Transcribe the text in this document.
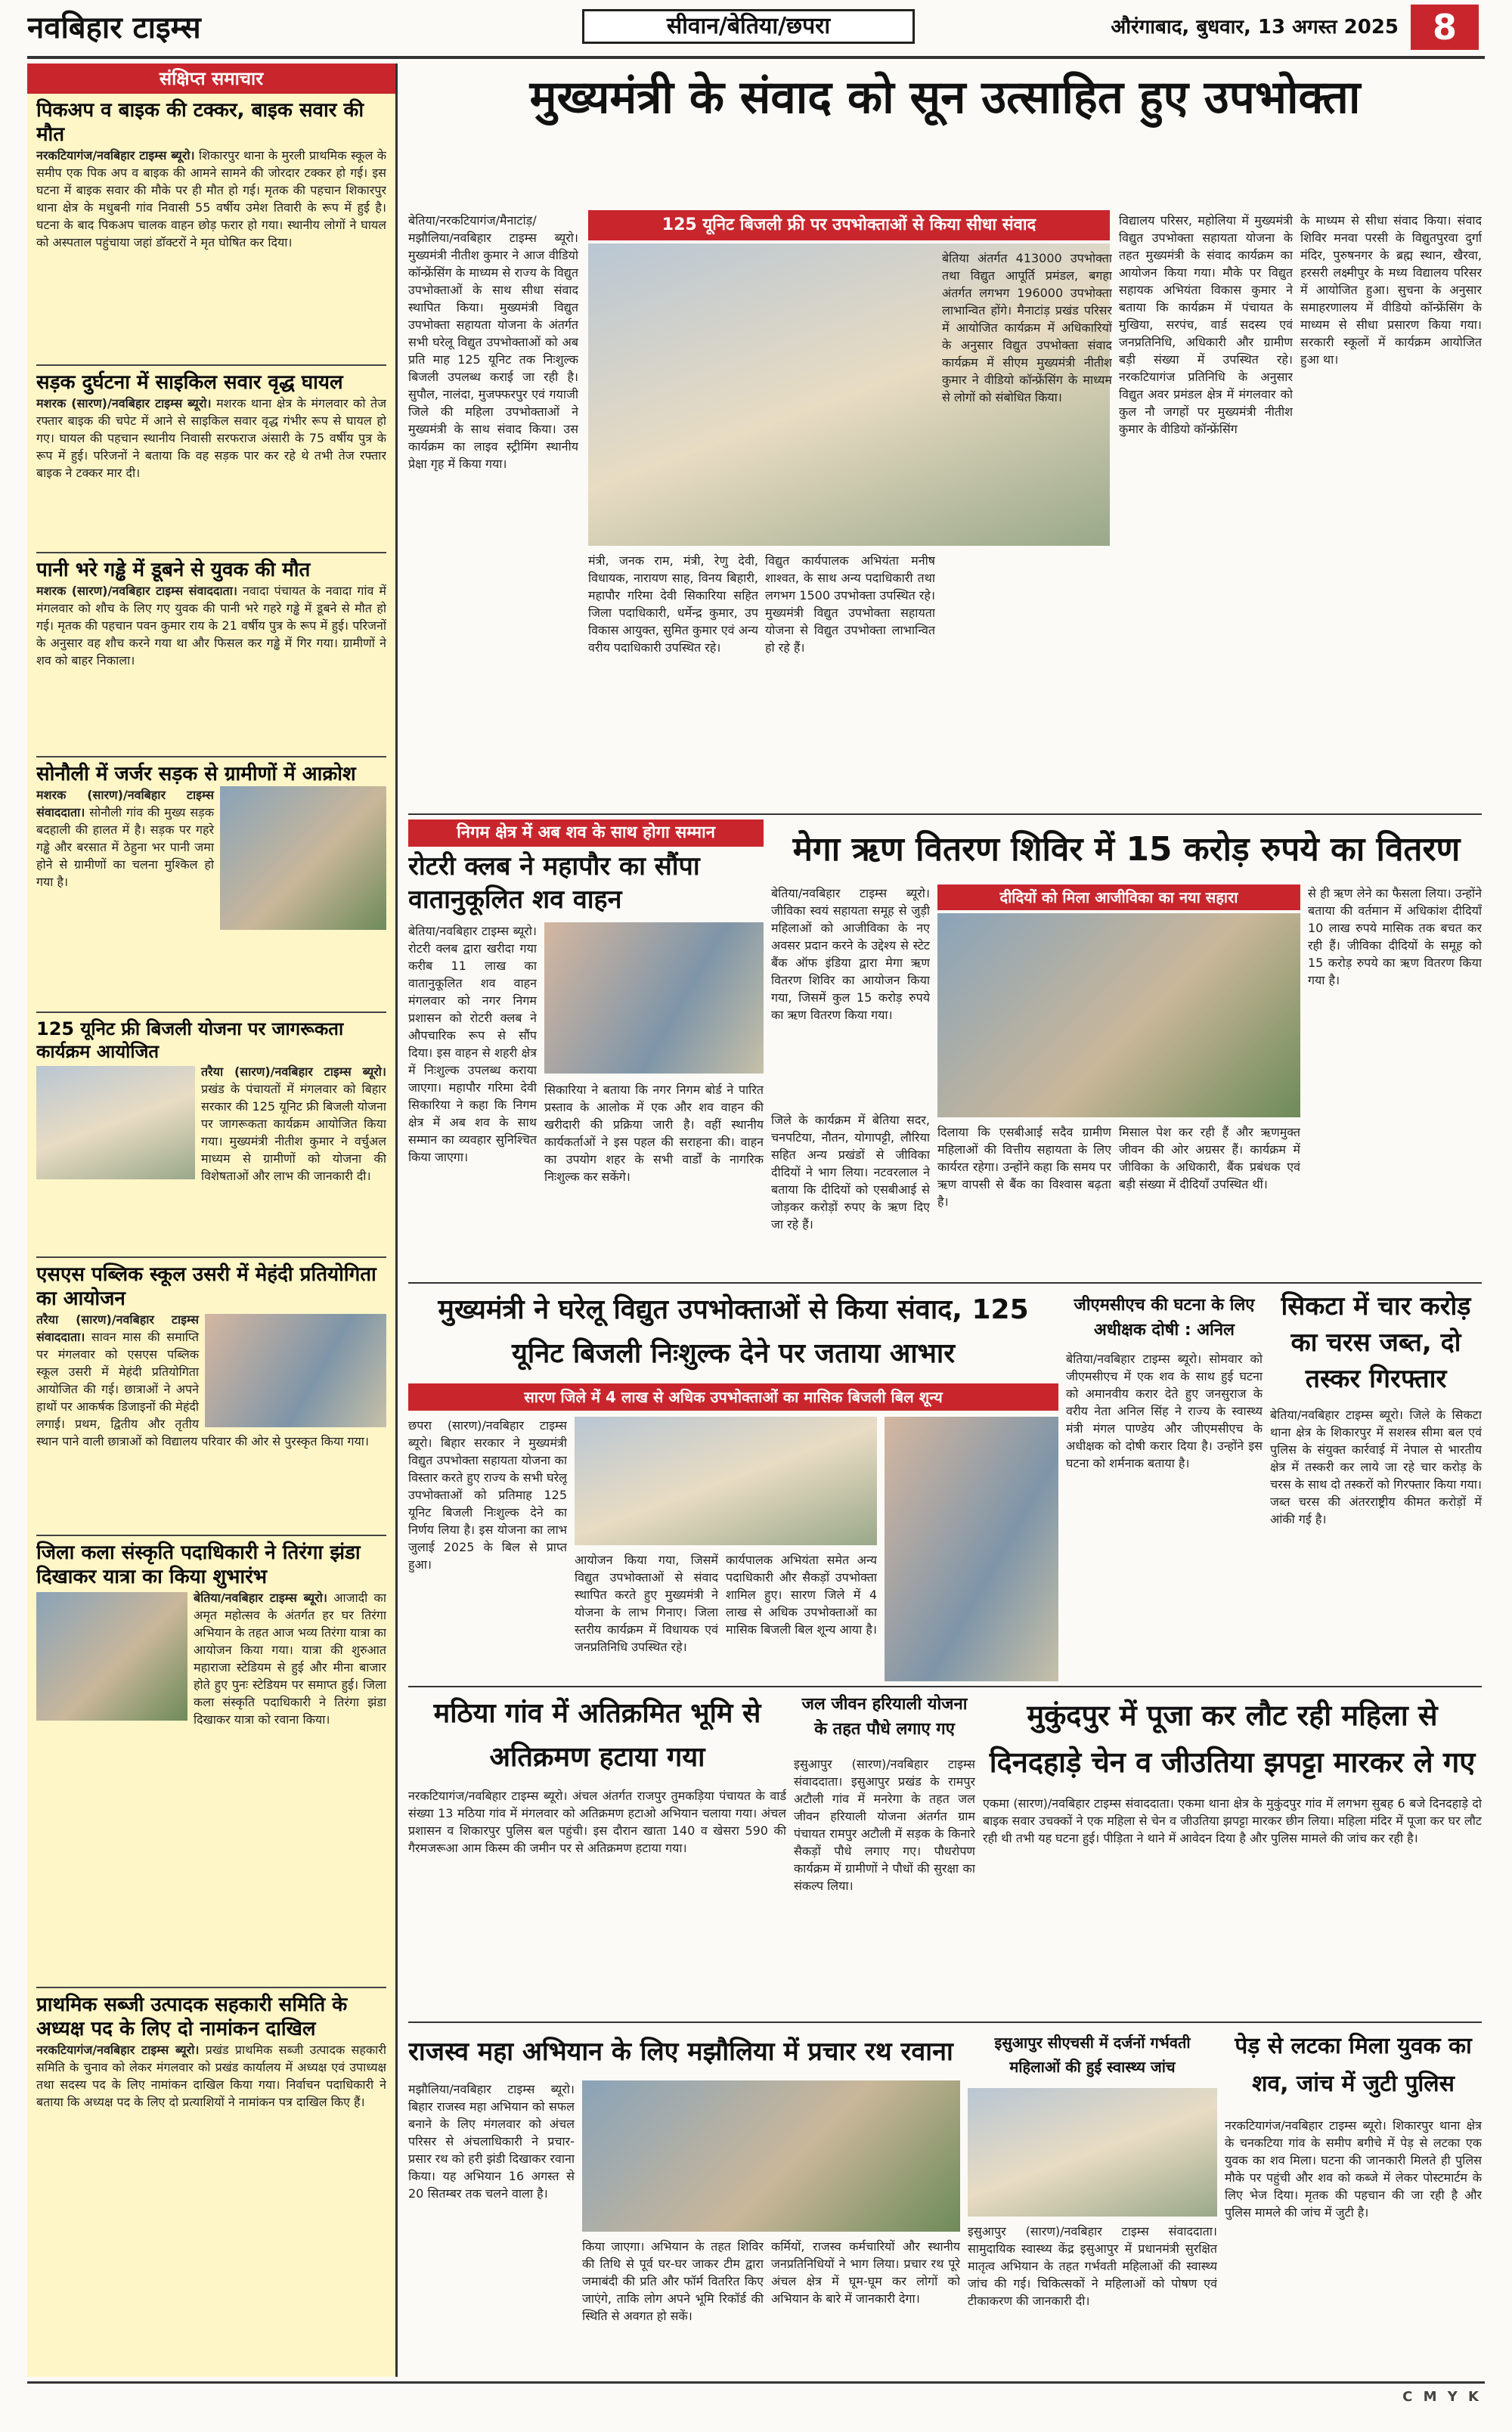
नवबिहार टाइम्स	सीवान/बेतिया/छपरा	औरंगाबाद, बुधवार, 13 अगस्त 2025 8
संक्षिप्त समाचार
पिकअप व बाइक की टक्कर, बाइक सवार की मौत
नरकटियागंज/नवबिहार टाइम्स ब्यूरो। शिकारपुर थाना के मुरली प्राथमिक स्कूल के समीप एक पिक अप व बाइक की आमने सामने की जोरदार टक्कर हो गई। इस घटना में बाइक सवार की मौके पर ही मौत हो गई। मृतक की पहचान शिकारपुर थाना क्षेत्र के मधुबनी गांव निवासी 55 वर्षीय उमेश तिवारी के रूप में हुई है। घटना के बाद पिकअप चालक वाहन छोड़ फरार हो गया। स्थानीय लोगों ने घायल को अस्पताल पहुंचाया जहां डॉक्टरों ने मृत घोषित कर दिया।
सड़क दुर्घटना में साइकिल सवार वृद्ध घायल
मशरक (सारण)/नवबिहार टाइम्स ब्यूरो। मशरक थाना क्षेत्र के मंगलवार को तेज रफ्तार बाइक की चपेट में आने से साइकिल सवार वृद्ध गंभीर रूप से घायल हो गए। घायल की पहचान स्थानीय निवासी सरफराज अंसारी के 75 वर्षीय पुत्र के रूप में हुई। परिजनों ने बताया कि वह सड़क पार कर रहे थे तभी तेज रफ्तार बाइक ने टक्कर मार दी।
पानी भरे गड्ढे में डूबने से युवक की मौत
मशरक (सारण)/नवबिहार टाइम्स संवाददाता। नवादा पंचायत के नवादा गांव में मंगलवार को शौच के लिए गए युवक की पानी भरे गहरे गड्ढे में डूबने से मौत हो गई। मृतक की पहचान पवन कुमार राय के 21 वर्षीय पुत्र के रूप में हुई। परिजनों के अनुसार वह शौच करने गया था और फिसल कर गड्ढे में गिर गया। ग्रामीणों ने शव को बाहर निकाला।
सोनौली में जर्जर सड़क से ग्रामीणों में आक्रोश
मशरक (सारण)/नवबिहार टाइम्स संवाददाता। सोनौली गांव की मुख्य सड़क बदहाली की हालत में है। सड़क पर गहरे गड्ढे और बरसात में ठेहुना भर पानी जमा होने से ग्रामीणों का चलना मुश्किल हो गया है।
125 यूनिट फ्री बिजली योजना पर जागरूकता कार्यक्रम आयोजित
तरैया (सारण)/नवबिहार टाइम्स ब्यूरो। प्रखंड के पंचायतों में मंगलवार को बिहार सरकार की 125 यूनिट फ्री बिजली योजना पर जागरूकता कार्यक्रम आयोजित किया गया। मुख्यमंत्री नीतीश कुमार ने वर्चुअल माध्यम से ग्रामीणों को योजना की विशेषताओं और लाभ की जानकारी दी।
एसएस पब्लिक स्कूल उसरी में मेहंदी प्रतियोगिता का आयोजन
तरैया (सारण)/नवबिहार टाइम्स संवाददाता। सावन मास की समाप्ति पर मंगलवार को एसएस पब्लिक स्कूल उसरी में मेहंदी प्रतियोगिता आयोजित की गई। छात्राओं ने अपने हाथों पर आकर्षक डिजाइनों की मेहंदी लगाई। प्रथम, द्वितीय और तृतीय स्थान पाने वाली छात्राओं को विद्यालय परिवार की ओर से पुरस्कृत किया गया।
जिला कला संस्कृति पदाधिकारी ने तिरंगा झंडा दिखाकर यात्रा का किया शुभारंभ
बेतिया/नवबिहार टाइम्स ब्यूरो। आजादी का अमृत महोत्सव के अंतर्गत हर घर तिरंगा अभियान के तहत आज भव्य तिरंगा यात्रा का आयोजन किया गया। यात्रा की शुरुआत महाराजा स्टेडियम से हुई और मीना बाजार होते हुए पुनः स्टेडियम पर समाप्त हुई। जिला कला संस्कृति पदाधिकारी ने तिरंगा झंडा दिखाकर यात्रा को रवाना किया।
प्राथमिक सब्जी उत्पादक सहकारी समिति के अध्यक्ष पद के लिए दो नामांकन दाखिल
नरकटियागंज/नवबिहार टाइम्स ब्यूरो। प्रखंड प्राथमिक सब्जी उत्पादक सहकारी समिति के चुनाव को लेकर मंगलवार को प्रखंड कार्यालय में अध्यक्ष एवं उपाध्यक्ष तथा सदस्य पद के लिए नामांकन दाखिल किया गया। निर्वाचन पदाधिकारी ने बताया कि अध्यक्ष पद के लिए दो प्रत्याशियों ने नामांकन पत्र दाखिल किए हैं।
मुख्यमंत्री के संवाद को सून उत्साहित हुए उपभोक्ता
बेतिया/नरकटियागंज/मैनाटांड़/मझौलिया/नवबिहार टाइम्स ब्यूरो। मुख्यमंत्री नीतीश कुमार ने आज वीडियो कॉन्फ्रेंसिंग के माध्यम से राज्य के विद्युत उपभोक्ताओं के साथ सीधा संवाद स्थापित किया। मुख्यमंत्री विद्युत उपभोक्ता सहायता योजना के अंतर्गत सभी घरेलू विद्युत उपभोक्ताओं को अब प्रति माह 125 यूनिट तक निःशुल्क बिजली उपलब्ध कराई जा रही है। सुपौल, नालंदा, मुजफ्फरपुर एवं गयाजी जिले की महिला उपभोक्ताओं ने मुख्यमंत्री के साथ संवाद किया। उस कार्यक्रम का लाइव स्ट्रीमिंग स्थानीय प्रेक्षा गृह में किया गया।
125 यूनिट बिजली फ्री पर उपभोक्ताओं से किया सीधा संवाद
मंत्री, जनक राम, मंत्री, रेणु देवी, विधायक, नारायण साह, विनय बिहारी, महापौर गरिमा देवी सिकारिया सहित जिला पदाधिकारी, धर्मेन्द्र कुमार, उप विकास आयुक्त, सुमित कुमार एवं अन्य वरीय पदाधिकारी उपस्थित रहे।
विद्युत कार्यपालक अभियंता मनीष शाश्वत, के साथ अन्य पदाधिकारी तथा लगभग 1500 उपभोक्ता उपस्थित रहे। मुख्यमंत्री विद्युत उपभोक्ता सहायता योजना से विद्युत उपभोक्ता लाभान्वित हो रहे हैं।
बेतिया अंतर्गत 413000 उपभोक्ता तथा विद्युत आपूर्ति प्रमंडल, बगहा अंतर्गत लगभग 196000 उपभोक्ता लाभान्वित होंगे। मैनाटांड़ प्रखंड परिसर में आयोजित कार्यक्रम में अधिकारियों के अनुसार विद्युत उपभोक्ता संवाद कार्यक्रम में सीएम मुख्यमंत्री नीतीश कुमार ने वीडियो कॉन्फ्रेंसिंग के माध्यम से लोगों को संबोधित किया।
विद्यालय परिसर, महोलिया में मुख्यमंत्री विद्युत उपभोक्ता सहायता योजना के तहत मुख्यमंत्री के संवाद कार्यक्रम का आयोजन किया गया। मौके पर विद्युत सहायक अभियंता विकास कुमार ने बताया कि कार्यक्रम में पंचायत के मुखिया, सरपंच, वार्ड सदस्य एवं जनप्रतिनिधि, अधिकारी और ग्रामीण बड़ी संख्या में उपस्थित रहे। नरकटियागंज प्रतिनिधि के अनुसार विद्युत अवर प्रमंडल क्षेत्र में मंगलवार को कुल नौ जगहों पर मुख्यमंत्री नीतीश कुमार के वीडियो कॉन्फ्रेंसिंग
के माध्यम से सीधा संवाद किया। संवाद शिविर मनवा परसी के विद्युतपुरवा दुर्गा मंदिर, पुरुषनगर के ब्रह्म स्थान, खैरवा, हरसरी लक्ष्मीपुर के मध्य विद्यालय परिसर में आयोजित हुआ। सुचना के अनुसार समाहरणालय में वीडियो कॉन्फ्रेंसिंग के माध्यम से सीधा प्रसारण किया गया। सरकारी स्कूलों में कार्यक्रम आयोजित हुआ था।
निगम क्षेत्र में अब शव के साथ होगा सम्मान
रोटरी क्लब ने महापौर का सौंपा वातानुकूलित शव वाहन
बेतिया/नवबिहार टाइम्स ब्यूरो। रोटरी क्लब द्वारा खरीदा गया करीब 11 लाख का वातानुकूलित शव वाहन मंगलवार को नगर निगम प्रशासन को रोटरी क्लब ने औपचारिक रूप से सौंप दिया। इस वाहन से शहरी क्षेत्र में निःशुल्क उपलब्ध कराया जाएगा। महापौर गरिमा देवी सिकारिया ने कहा कि निगम क्षेत्र में अब शव के साथ सम्मान का व्यवहार सुनिश्चित किया जाएगा।
सिकारिया ने बताया कि नगर निगम बोर्ड ने पारित प्रस्ताव के आलोक में एक और शव वाहन की खरीदारी की प्रक्रिया जारी है। वहीं स्थानीय कार्यकर्ताओं ने इस पहल की सराहना की। वाहन का उपयोग शहर के सभी वार्डों के नागरिक निःशुल्क कर सकेंगे।
मेगा ऋण वितरण शिविर में 15 करोड़ रुपये का वितरण
बेतिया/नवबिहार टाइम्स ब्यूरो। जीविका स्वयं सहायता समूह से जुड़ी महिलाओं को आजीविका के नए अवसर प्रदान करने के उद्देश्य से स्टेट बैंक ऑफ इंडिया द्वारा मेगा ऋण वितरण शिविर का आयोजन किया गया, जिसमें कुल 15 करोड़ रुपये का ऋण वितरण किया गया।
दीदियों को मिला आजीविका का नया सहारा
जिले के कार्यक्रम में बेतिया सदर, चनपटिया, नौतन, योगापट्टी, लौरिया सहित अन्य प्रखंडों से जीविका दीदियों ने भाग लिया। नटवरलाल ने बताया कि दीदियों को एसबीआई से जोड़कर करोड़ों रुपए के ऋण दिए जा रहे हैं।
दिलाया कि एसबीआई सदैव ग्रामीण महिलाओं की वित्तीय सहायता के लिए कार्यरत रहेगा। उन्होंने कहा कि समय पर ऋण वापसी से बैंक का विश्वास बढ़ता है।
मिसाल पेश कर रही हैं और ऋणमुक्त जीवन की ओर अग्रसर हैं। कार्यक्रम में जीविका के अधिकारी, बैंक प्रबंधक एवं बड़ी संख्या में दीदियाँ उपस्थित थीं।
से ही ऋण लेने का फैसला लिया। उन्होंने बताया की वर्तमान में अधिकांश दीदियाँ 10 लाख रुपये मासिक तक बचत कर रही हैं। जीविका दीदियों के समूह को 15 करोड़ रुपये का ऋण वितरण किया गया है।
मुख्यमंत्री ने घरेलू विद्युत उपभोक्ताओं से किया संवाद, 125 यूनिट बिजली निःशुल्क देने पर जताया आभार
सारण जिले में 4 लाख से अधिक उपभोक्ताओं का मासिक बिजली बिल शून्य
छपरा (सारण)/नवबिहार टाइम्स ब्यूरो। बिहार सरकार ने मुख्यमंत्री विद्युत उपभोक्ता सहायता योजना का विस्तार करते हुए राज्य के सभी घरेलू उपभोक्ताओं को प्रतिमाह 125 यूनिट बिजली निःशुल्क देने का निर्णय लिया है। इस योजना का लाभ जुलाई 2025 के बिल से प्राप्त हुआ।	आयोजन किया गया, जिसमें विद्युत उपभोक्ताओं से संवाद स्थापित करते हुए मुख्यमंत्री ने योजना के लाभ गिनाए। जिला स्तरीय कार्यक्रम में विधायक एवं जनप्रतिनिधि उपस्थित रहे।
कार्यपालक अभियंता समेत अन्य पदाधिकारी और सैकड़ों उपभोक्ता शामिल हुए। सारण जिले में 4 लाख से अधिक उपभोक्ताओं का मासिक बिजली बिल शून्य आया है।
जीएमसीएच की घटना के लिए अधीक्षक दोषी : अनिल
बेतिया/नवबिहार टाइम्स ब्यूरो। सोमवार को जीएमसीएच में एक शव के साथ हुई घटना को अमानवीय करार देते हुए जनसुराज के वरीय नेता अनिल सिंह ने राज्य के स्वास्थ्य मंत्री मंगल पाण्डेय और जीएमसीएच के अधीक्षक को दोषी करार दिया है। उन्होंने इस घटना को शर्मनाक बताया है।
सिकटा में चार करोड़ का चरस जब्त, दो तस्कर गिरफ्तार
बेतिया/नवबिहार टाइम्स ब्यूरो। जिले के सिकटा थाना क्षेत्र के शिकारपुर में सशस्त्र सीमा बल एवं पुलिस के संयुक्त कार्रवाई में नेपाल से भारतीय क्षेत्र में तस्करी कर लाये जा रहे चार करोड़ के चरस के साथ दो तस्करों को गिरफ्तार किया गया। जब्त चरस की अंतरराष्ट्रीय कीमत करोड़ों में आंकी गई है।
मठिया गांव में अतिक्रमित भूमि से अतिक्रमण हटाया गया
नरकटियागंज/नवबिहार टाइम्स ब्यूरो। अंचल अंतर्गत राजपुर तुमकड़िया पंचायत के वार्ड संख्या 13 मठिया गांव में मंगलवार को अतिक्रमण हटाओ अभियान चलाया गया। अंचल प्रशासन व शिकारपुर पुलिस बल पहुंची। इस दौरान खाता 140 व खेसरा 590 की गैरमजरूआ आम किस्म की जमीन पर से अतिक्रमण हटाया गया।
जल जीवन हरियाली योजना के तहत पौधे लगाए गए
इसुआपुर (सारण)/नवबिहार टाइम्स संवाददाता। इसुआपुर प्रखंड के रामपुर अटौली गांव में मनरेगा के तहत जल जीवन हरियाली योजना अंतर्गत ग्राम पंचायत रामपुर अटौली में सड़क के किनारे सैकड़ों पौधे लगाए गए। पौधरोपण कार्यक्रम में ग्रामीणों ने पौधों की सुरक्षा का संकल्प लिया।
मुकुंदपुर में पूजा कर लौट रही महिला से दिनदहाड़े चेन व जीउतिया झपट्टा मारकर ले गए
एकमा (सारण)/नवबिहार टाइम्स संवाददाता। एकमा थाना क्षेत्र के मुकुंदपुर गांव में लगभग सुबह 6 बजे दिनदहाड़े दो बाइक सवार उचक्कों ने एक महिला से चेन व जीउतिया झपट्टा मारकर छीन लिया। महिला मंदिर में पूजा कर घर लौट रही थी तभी यह घटना हुई। पीड़िता ने थाने में आवेदन दिया है और पुलिस मामले की जांच कर रही है।
राजस्व महा अभियान के लिए मझौलिया में प्रचार रथ रवाना
मझौलिया/नवबिहार टाइम्स ब्यूरो। बिहार राजस्व महा अभियान को सफल बनाने के लिए मंगलवार को अंचल परिसर से अंचलाधिकारी ने प्रचार-प्रसार रथ को हरी झंडी दिखाकर रवाना किया। यह अभियान 16 अगस्त से 20 सितम्बर तक चलने वाला है।
किया जाएगा। अभियान के तहत शिविर की तिथि से पूर्व घर-घर जाकर टीम द्वारा जमाबंदी की प्रति और फॉर्म वितरित किए जाएंगे, ताकि लोग अपने भूमि रिकॉर्ड की स्थिति से अवगत हो सकें।
कर्मियों, राजस्व कर्मचारियों और स्थानीय जनप्रतिनिधियों ने भाग लिया। प्रचार रथ पूरे अंचल क्षेत्र में घूम-घूम कर लोगों को अभियान के बारे में जानकारी देगा।
इसुआपुर सीएचसी में दर्जनों गर्भवती महिलाओं की हुई स्वास्थ्य जांच
इसुआपुर (सारण)/नवबिहार टाइम्स संवाददाता। सामुदायिक स्वास्थ्य केंद्र इसुआपुर में प्रधानमंत्री सुरक्षित मातृत्व अभियान के तहत गर्भवती महिलाओं की स्वास्थ्य जांच की गई। चिकित्सकों ने महिलाओं को पोषण एवं टीकाकरण की जानकारी दी।
पेड़ से लटका मिला युवक का शव, जांच में जुटी पुलिस
नरकटियागंज/नवबिहार टाइम्स ब्यूरो। शिकारपुर थाना क्षेत्र के चनकटिया गांव के समीप बगीचे में पेड़ से लटका एक युवक का शव मिला। घटना की जानकारी मिलते ही पुलिस मौके पर पहुंची और शव को कब्जे में लेकर पोस्टमार्टम के लिए भेज दिया। मृतक की पहचान की जा रही है और पुलिस मामले की जांच में जुटी है।
C M Y K
